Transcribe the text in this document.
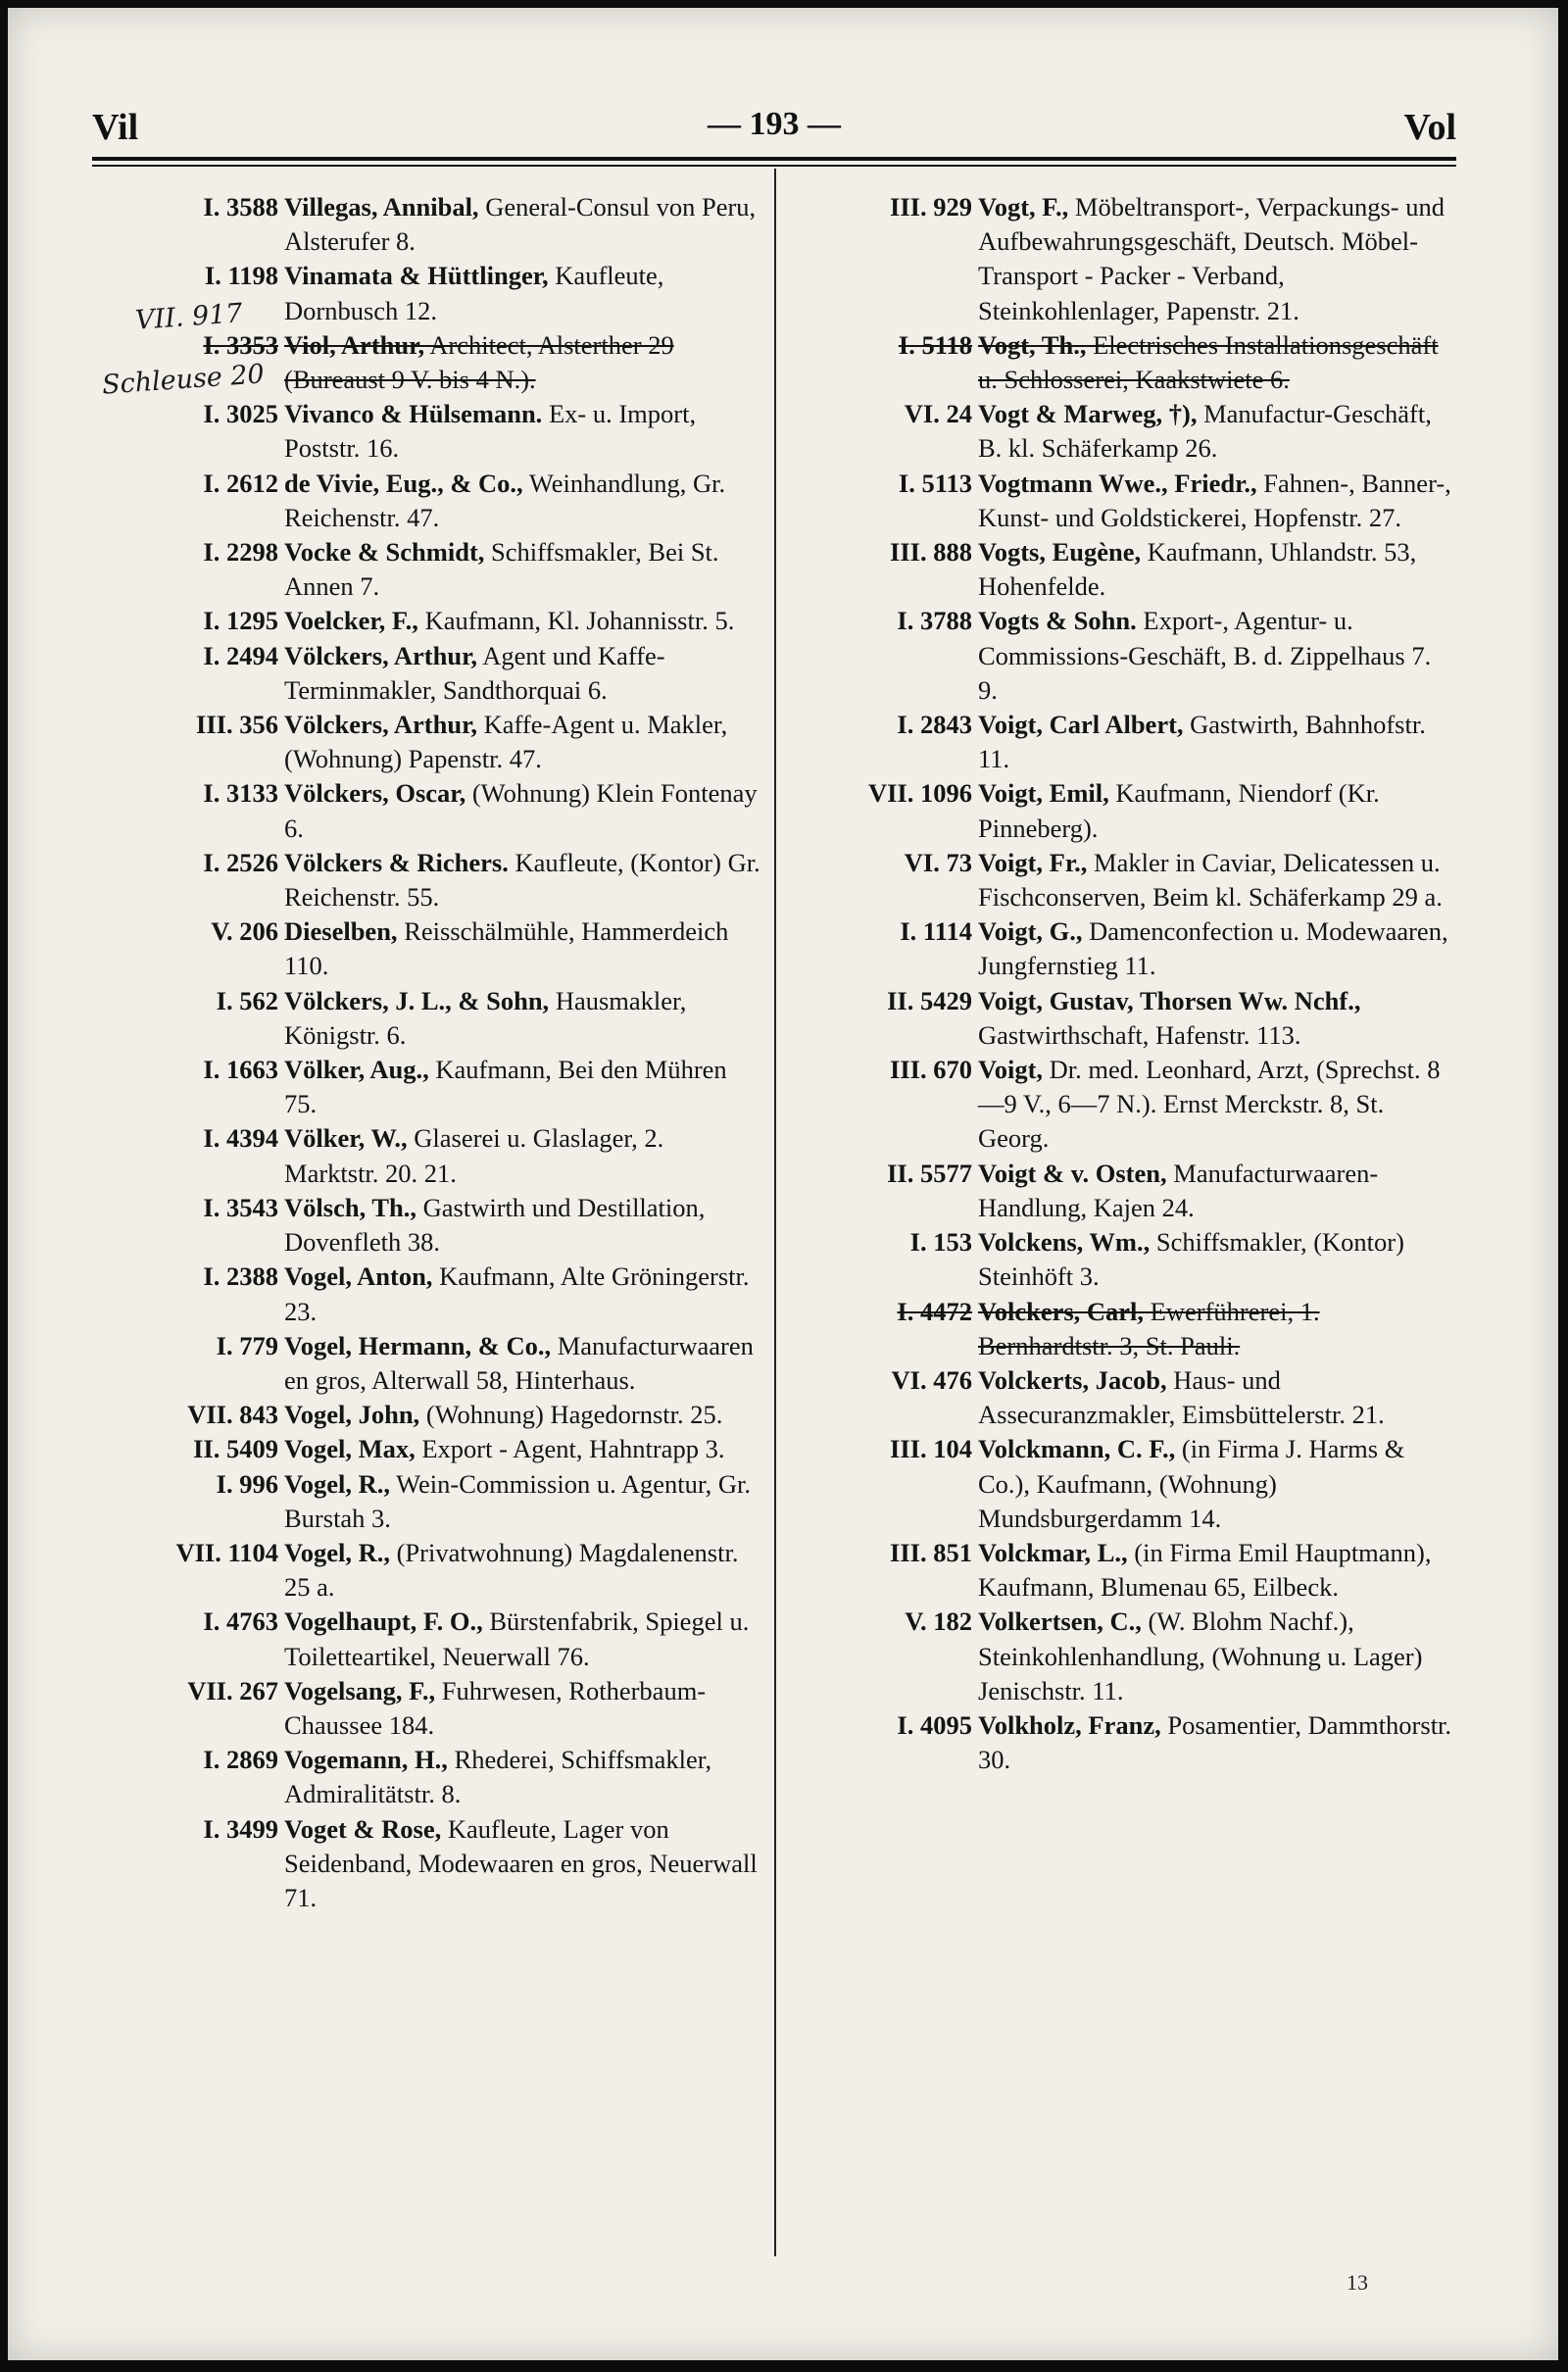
Vil	— 193 —	Vol
I. 3588 Villegas, Annibal, General-Consul von Peru, Alsterufer 8.
I. 1198 Vinamata & Hüttlinger, Kaufleute, Dornbusch 12.
I. 3353 Viol, Arthur, Architect, Alsterther 29 (Bureaust 9 V. bis 4 N.).
I. 3025 Vivanco & Hülsemann. Ex- u. Import, Poststr. 16.
I. 2612 de Vivie, Eug., & Co., Weinhandlung, Gr. Reichenstr. 47.
I. 2298 Vocke & Schmidt, Schiffsmakler, Bei St. Annen 7.
I. 1295 Voelcker, F., Kaufmann, Kl. Johannisstr. 5.
I. 2494 Völckers, Arthur, Agent und Kaffe-Terminmakler, Sandthorquai 6.
III. 356 Völckers, Arthur, Kaffe-Agent u. Makler, (Wohnung) Papenstr. 47.
I. 3133 Völckers, Oscar, (Wohnung) Klein Fontenay 6.
I. 2526 Völckers & Richers. Kaufleute, (Kontor) Gr. Reichenstr. 55.
V. 206 Dieselben, Reisschälmühle, Hammerdeich 110.
I. 562 Völckers, J. L., & Sohn, Hausmakler, Königstr. 6.
I. 1663 Völker, Aug., Kaufmann, Bei den Mühren 75.
I. 4394 Völker, W., Glaserei u. Glaslager, 2. Marktstr. 20. 21.
I. 3543 Völsch, Th., Gastwirth und Destillation, Dovenfleth 38.
I. 2388 Vogel, Anton, Kaufmann, Alte Gröningerstr. 23.
I. 779 Vogel, Hermann, & Co., Manufacturwaaren en gros, Alterwall 58, Hinterhaus.
VII. 843 Vogel, John, (Wohnung) Hagedornstr. 25.
II. 5409 Vogel, Max, Export - Agent, Hahntrapp 3.
I. 996 Vogel, R., Wein-Commission u. Agentur, Gr. Burstah 3.
VII. 1104 Vogel, R., (Privatwohnung) Magdalenenstr. 25 a.
I. 4763 Vogelhaupt, F. O., Bürstenfabrik, Spiegel u. Toiletteartikel, Neuerwall 76.
VII. 267 Vogelsang, F., Fuhrwesen, Rotherbaum-Chaussee 184.
I. 2869 Vogemann, H., Rhederei, Schiffsmakler, Admiralitätstr. 8.
I. 3499 Voget & Rose, Kaufleute, Lager von Seidenband, Modewaaren en gros, Neuerwall 71.
III. 929 Vogt, F., Möbeltransport-, Verpackungs- und Aufbewahrungsgeschäft, Deutsch. Möbel-Transport - Packer - Verband, Steinkohlenlager, Papenstr. 21.
I. 5118 Vogt, Th., Electrisches Installationsgeschäft u. Schlosserei, Kaakstwiete 6.
VI. 24 Vogt & Marweg, †), Manufactur-Geschäft, B. kl. Schäferkamp 26.
I. 5113 Vogtmann Wwe., Friedr., Fahnen-, Banner-, Kunst- und Goldstickerei, Hopfenstr. 27.
III. 888 Vogts, Eugène, Kaufmann, Uhlandstr. 53, Hohenfelde.
I. 3788 Vogts & Sohn. Export-, Agentur- u. Commissions-Geschäft, B. d. Zippelhaus 7. 9.
I. 2843 Voigt, Carl Albert, Gastwirth, Bahnhofstr. 11.
VII. 1096 Voigt, Emil, Kaufmann, Niendorf (Kr. Pinneberg).
VI. 73 Voigt, Fr., Makler in Caviar, Delicatessen u. Fischconserven, Beim kl. Schäferkamp 29 a.
I. 1114 Voigt, G., Damenconfection u. Modewaaren, Jungfernstieg 11.
II. 5429 Voigt, Gustav, Thorsen Ww. Nchf., Gastwirthschaft, Hafenstr. 113.
III. 670 Voigt, Dr. med. Leonhard, Arzt, (Sprechst. 8—9 V., 6—7 N.). Ernst Merckstr. 8, St. Georg.
II. 5577 Voigt & v. Osten, Manufacturwaaren-Handlung, Kajen 24.
I. 153 Volckens, Wm., Schiffsmakler, (Kontor) Steinhöft 3.
I. 4472 Volckers, Carl, Ewerführerei, 1. Bernhardtstr. 3, St. Pauli.
VI. 476 Volckerts, Jacob, Haus- und Assecuranzmakler, Eimsbüttelerstr. 21.
III. 104 Volckmann, C. F., (in Firma J. Harms & Co.), Kaufmann, (Wohnung) Mundsburgerdamm 14.
III. 851 Volckmar, L., (in Firma Emil Hauptmann), Kaufmann, Blumenau 65, Eilbeck.
V. 182 Volkertsen, C., (W. Blohm Nachf.), Steinkohlenhandlung, (Wohnung u. Lager) Jenischstr. 11.
I. 4095 Volkholz, Franz, Posamentier, Dammthorstr. 30.
VII. 917
Schleuse 20
13
